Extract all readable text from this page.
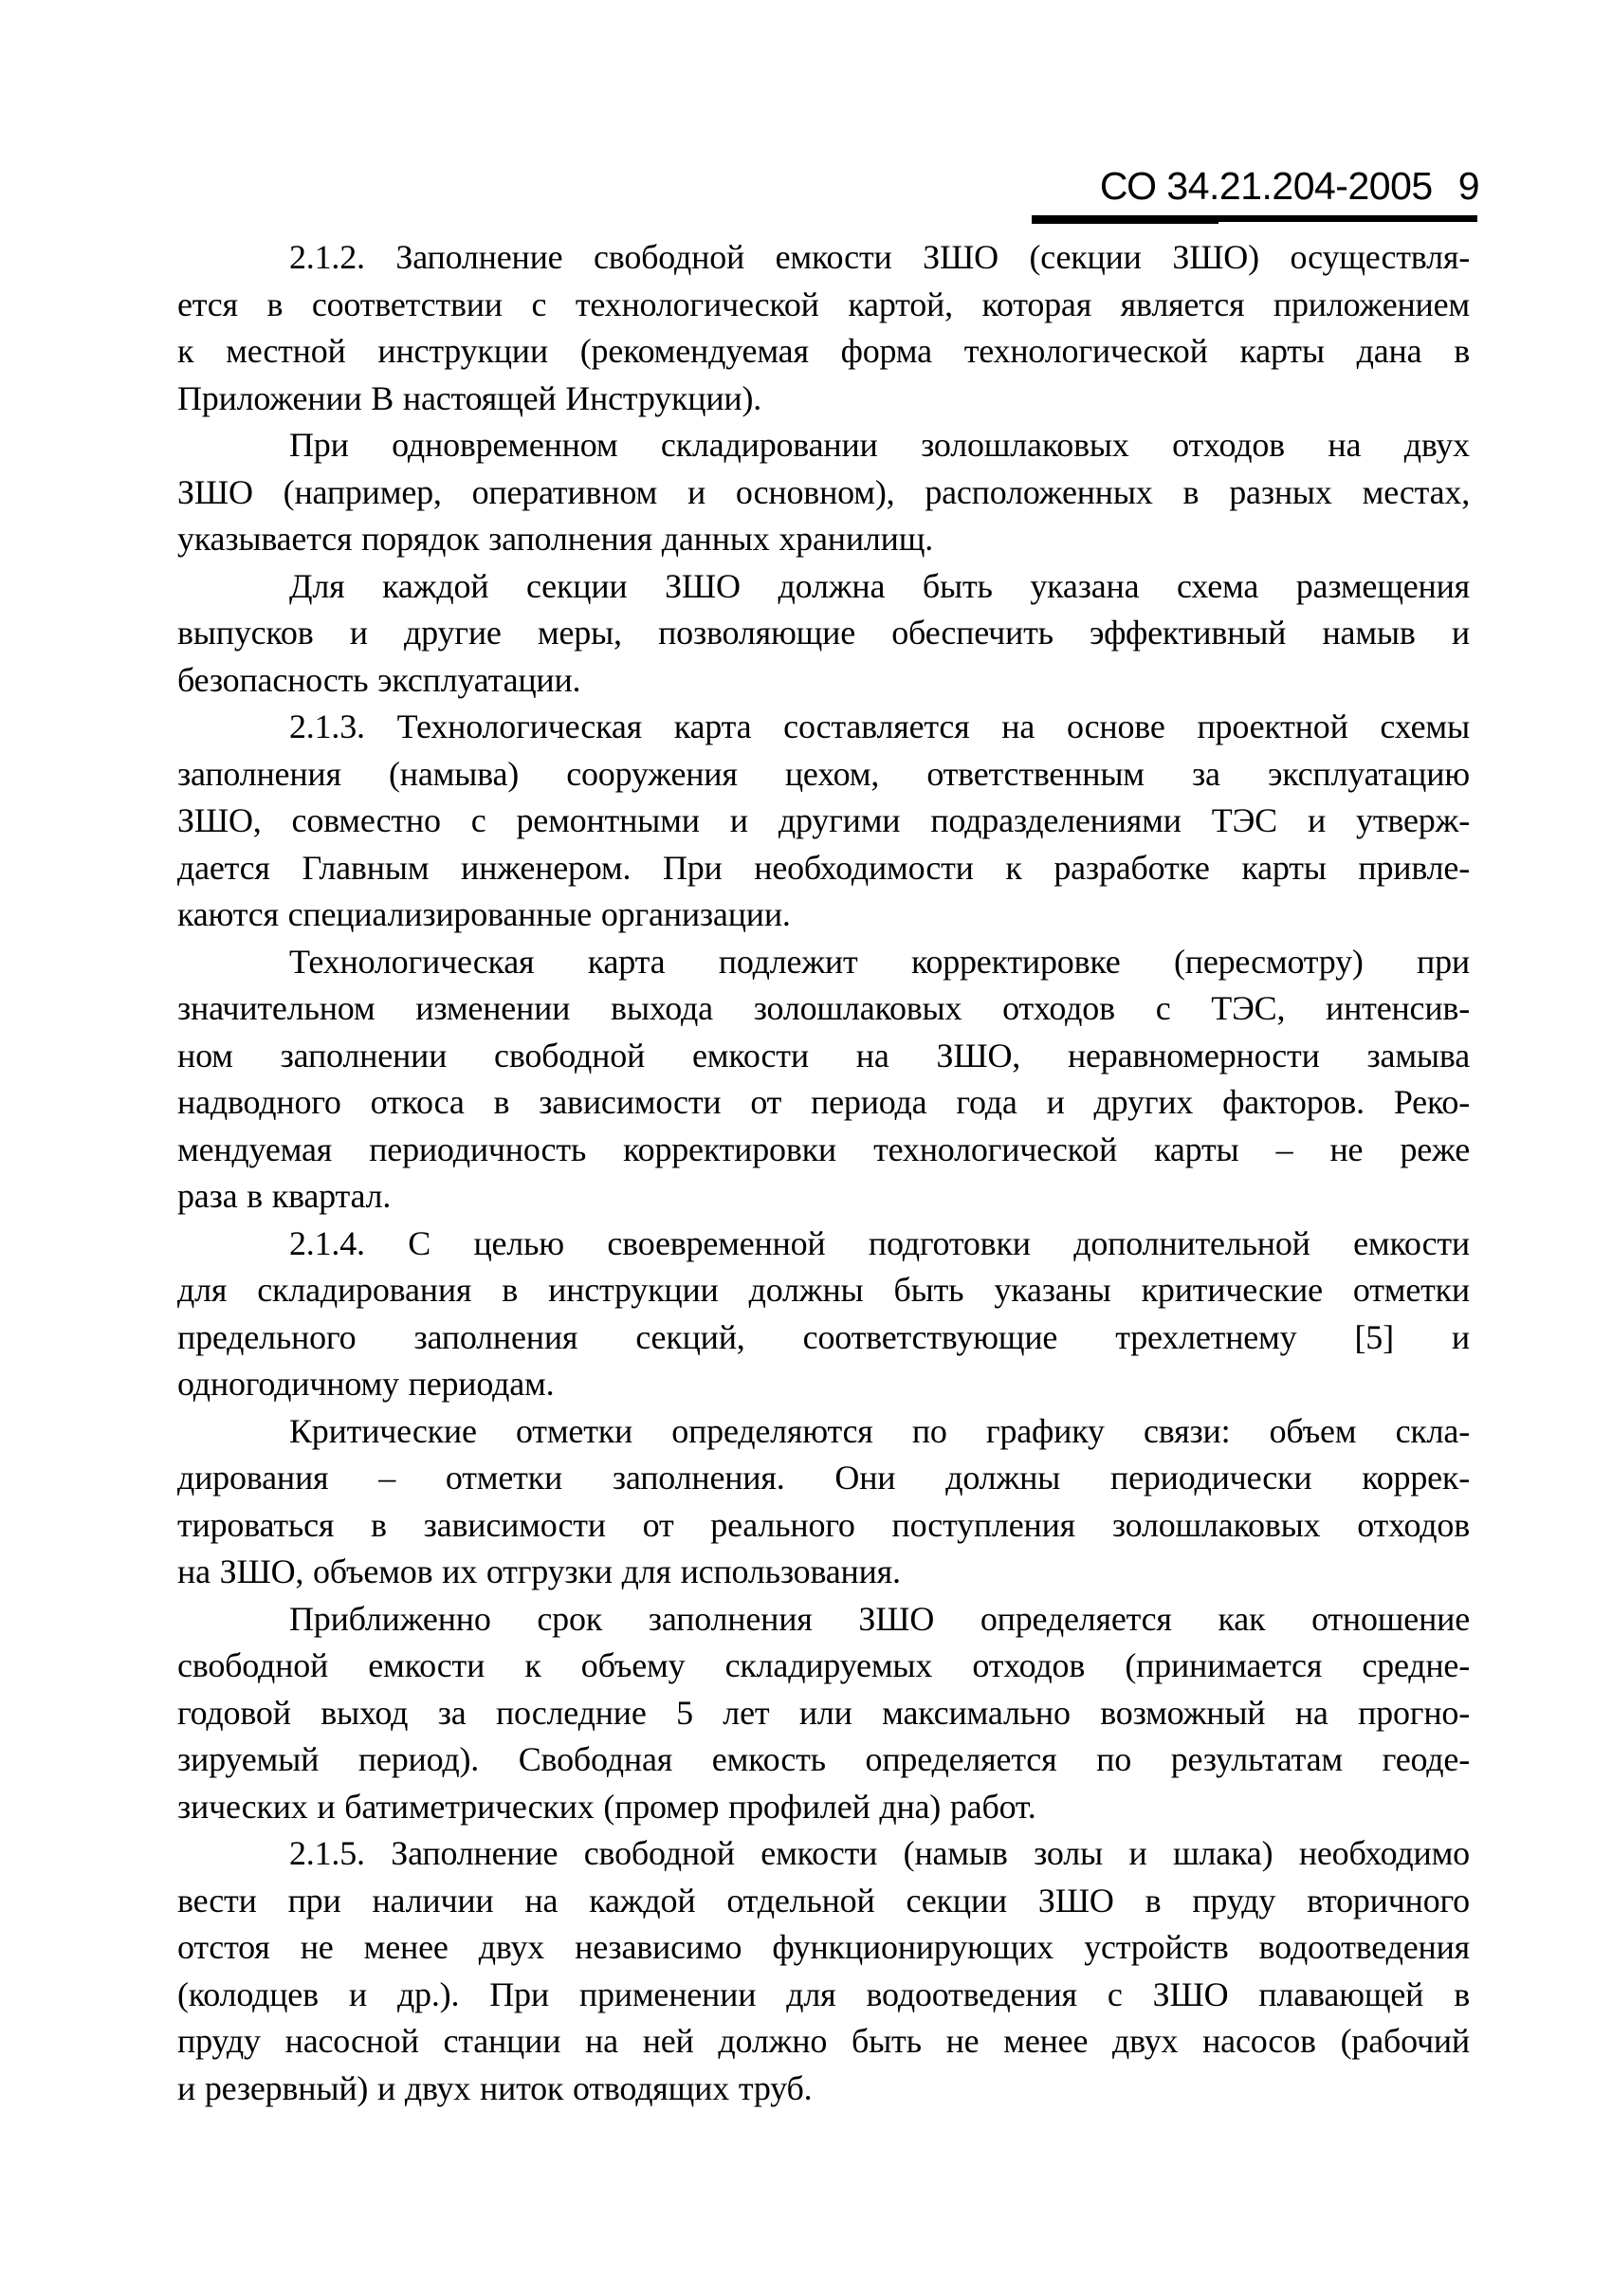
СО 34.21.204-2005 9
2.1.2. Заполнение свободной емкости ЗШО (секции ЗШО) осуществля-
ется в соответствии с технологической картой, которая является приложением
к местной инструкции (рекомендуемая форма технологической карты дана в
Приложении В настоящей Инструкции).
При одновременном складировании золошлаковых отходов на двух
ЗШО (например, оперативном и основном), расположенных в разных местах,
указывается порядок заполнения данных хранилищ.
Для каждой секции ЗШО должна быть указана схема размещения
выпусков и другие меры, позволяющие обеспечить эффективный намыв и
безопасность эксплуатации.
2.1.3. Технологическая карта составляется на основе проектной схемы
заполнения (намыва) сооружения цехом, ответственным за эксплуатацию
ЗШО, совместно с ремонтными и другими подразделениями ТЭС и утверж-
дается Главным инженером. При необходимости к разработке карты привле-
каются специализированные организации.
Технологическая карта подлежит корректировке (пересмотру) при
значительном изменении выхода золошлаковых отходов с ТЭС, интенсив-
ном заполнении свободной емкости на ЗШО, неравномерности замыва
надводного откоса в зависимости от периода года и других факторов. Реко-
мендуемая периодичность корректировки технологической карты – не реже
раза в квартал.
2.1.4. С целью своевременной подготовки дополнительной емкости
для складирования в инструкции должны быть указаны критические отметки
предельного заполнения секций, соответствующие трехлетнему [5] и
одногодичному периодам.
Критические отметки определяются по графику связи: объем скла-
дирования – отметки заполнения. Они должны периодически коррек-
тироваться в зависимости от реального поступления золошлаковых отходов
на ЗШО, объемов их отгрузки для использования.
Приближенно срок заполнения ЗШО определяется как отношение
свободной емкости к объему складируемых отходов (принимается средне-
годовой выход за последние 5 лет или максимально возможный на прогно-
зируемый период). Свободная емкость определяется по результатам геоде-
зических и батиметрических (промер профилей дна) работ.
2.1.5. Заполнение свободной емкости (намыв золы и шлака) необходимо
вести при наличии на каждой отдельной секции ЗШО в пруду вторичного
отстоя не менее двух независимо функционирующих устройств водоотведения
(колодцев и др.). При применении для водоотведения с ЗШО плавающей в
пруду насосной станции на ней должно быть не менее двух насосов (рабочий
и резервный) и двух ниток отводящих труб.
